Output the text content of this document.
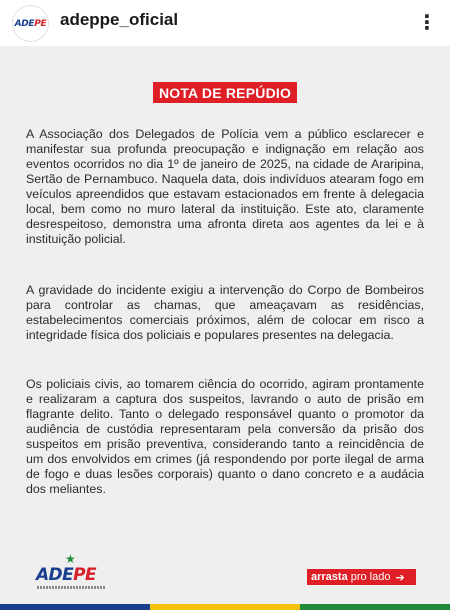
ADEPE adeppe_oficial	⋮
NOTA DE REPÚDIO

A Associação dos Delegados de Polícia vem a público esclarecer e manifestar sua profunda preocupação e indignação em relação aos eventos ocorridos no dia 1º de janeiro de 2025, na cidade de Araripina, Sertão de Pernambuco. Naquela data, dois indivíduos atearam fogo em veículos apreendidos que estavam estacionados em frente à delegacia local, bem como no muro lateral da instituição. Este ato, claramente desrespeitoso, demonstra uma afronta direta aos agentes da lei e à instituição policial.

A gravidade do incidente exigiu a intervenção do Corpo de Bombeiros para controlar as chamas, que ameaçavam as residências, estabelecimentos comerciais próximos, além de colocar em risco a integridade física dos policiais e populares presentes na delegacia.

Os policiais civis, ao tomarem ciência do ocorrido, agiram prontamente e realizaram a captura dos suspeitos, lavrando o auto de prisão em flagrante delito. Tanto o delegado responsável quanto o promotor da audiência de custódia representaram pela conversão da prisão dos suspeitos em prisão preventiva, considerando tanto a reincidência de um dos envolvidos em crimes (já respondendo por porte ilegal de arma de fogo e duas lesões corporais) quanto o dano concreto e a audácia dos meliantes.

★
ADEPE	arrasta pro lado ➔
